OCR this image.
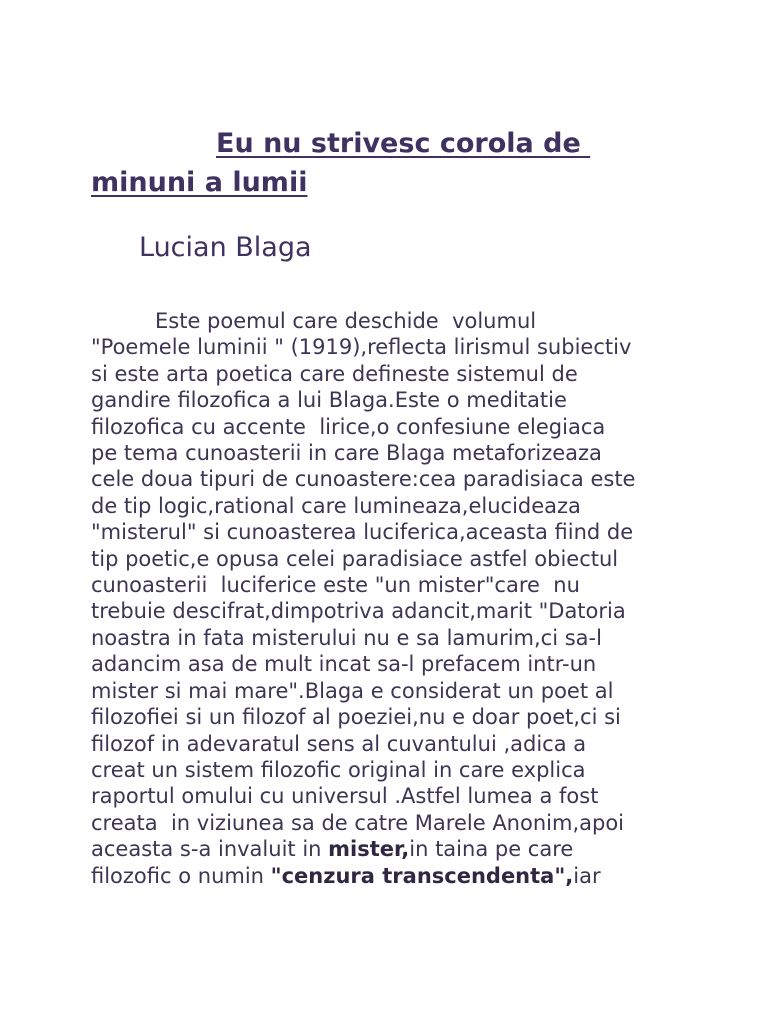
Eu nu strivesc corola de
minuni a lumii
Lucian Blaga
Este poemul care deschide  volumul
"Poemele luminii " (1919),reflecta lirismul subiectiv
si este arta poetica care defineste sistemul de
gandire filozofica a lui Blaga.Este o meditatie
filozofica cu accente  lirice,o confesiune elegiaca
pe tema cunoasterii in care Blaga metaforizeaza
cele doua tipuri de cunoastere:cea paradisiaca este
de tip logic,rational care lumineaza,elucideaza
"misterul" si cunoasterea luciferica,aceasta fiind de
tip poetic,e opusa celei paradisiace astfel obiectul
cunoasterii  luciferice este "un mister"care  nu
trebuie descifrat,dimpotriva adancit,marit "Datoria
noastra in fata misterului nu e sa lamurim,ci sa-l
adancim asa de mult incat sa-l prefacem intr-un
mister si mai mare".Blaga e considerat un poet al
filozofiei si un filozof al poeziei,nu e doar poet,ci si
filozof in adevaratul sens al cuvantului ,adica a
creat un sistem filozofic original in care explica
raportul omului cu universul .Astfel lumea a fost
creata  in viziunea sa de catre Marele Anonim,apoi
aceasta s-a invaluit in mister,in taina pe care
filozofic o numin "cenzura transcendenta",iar
